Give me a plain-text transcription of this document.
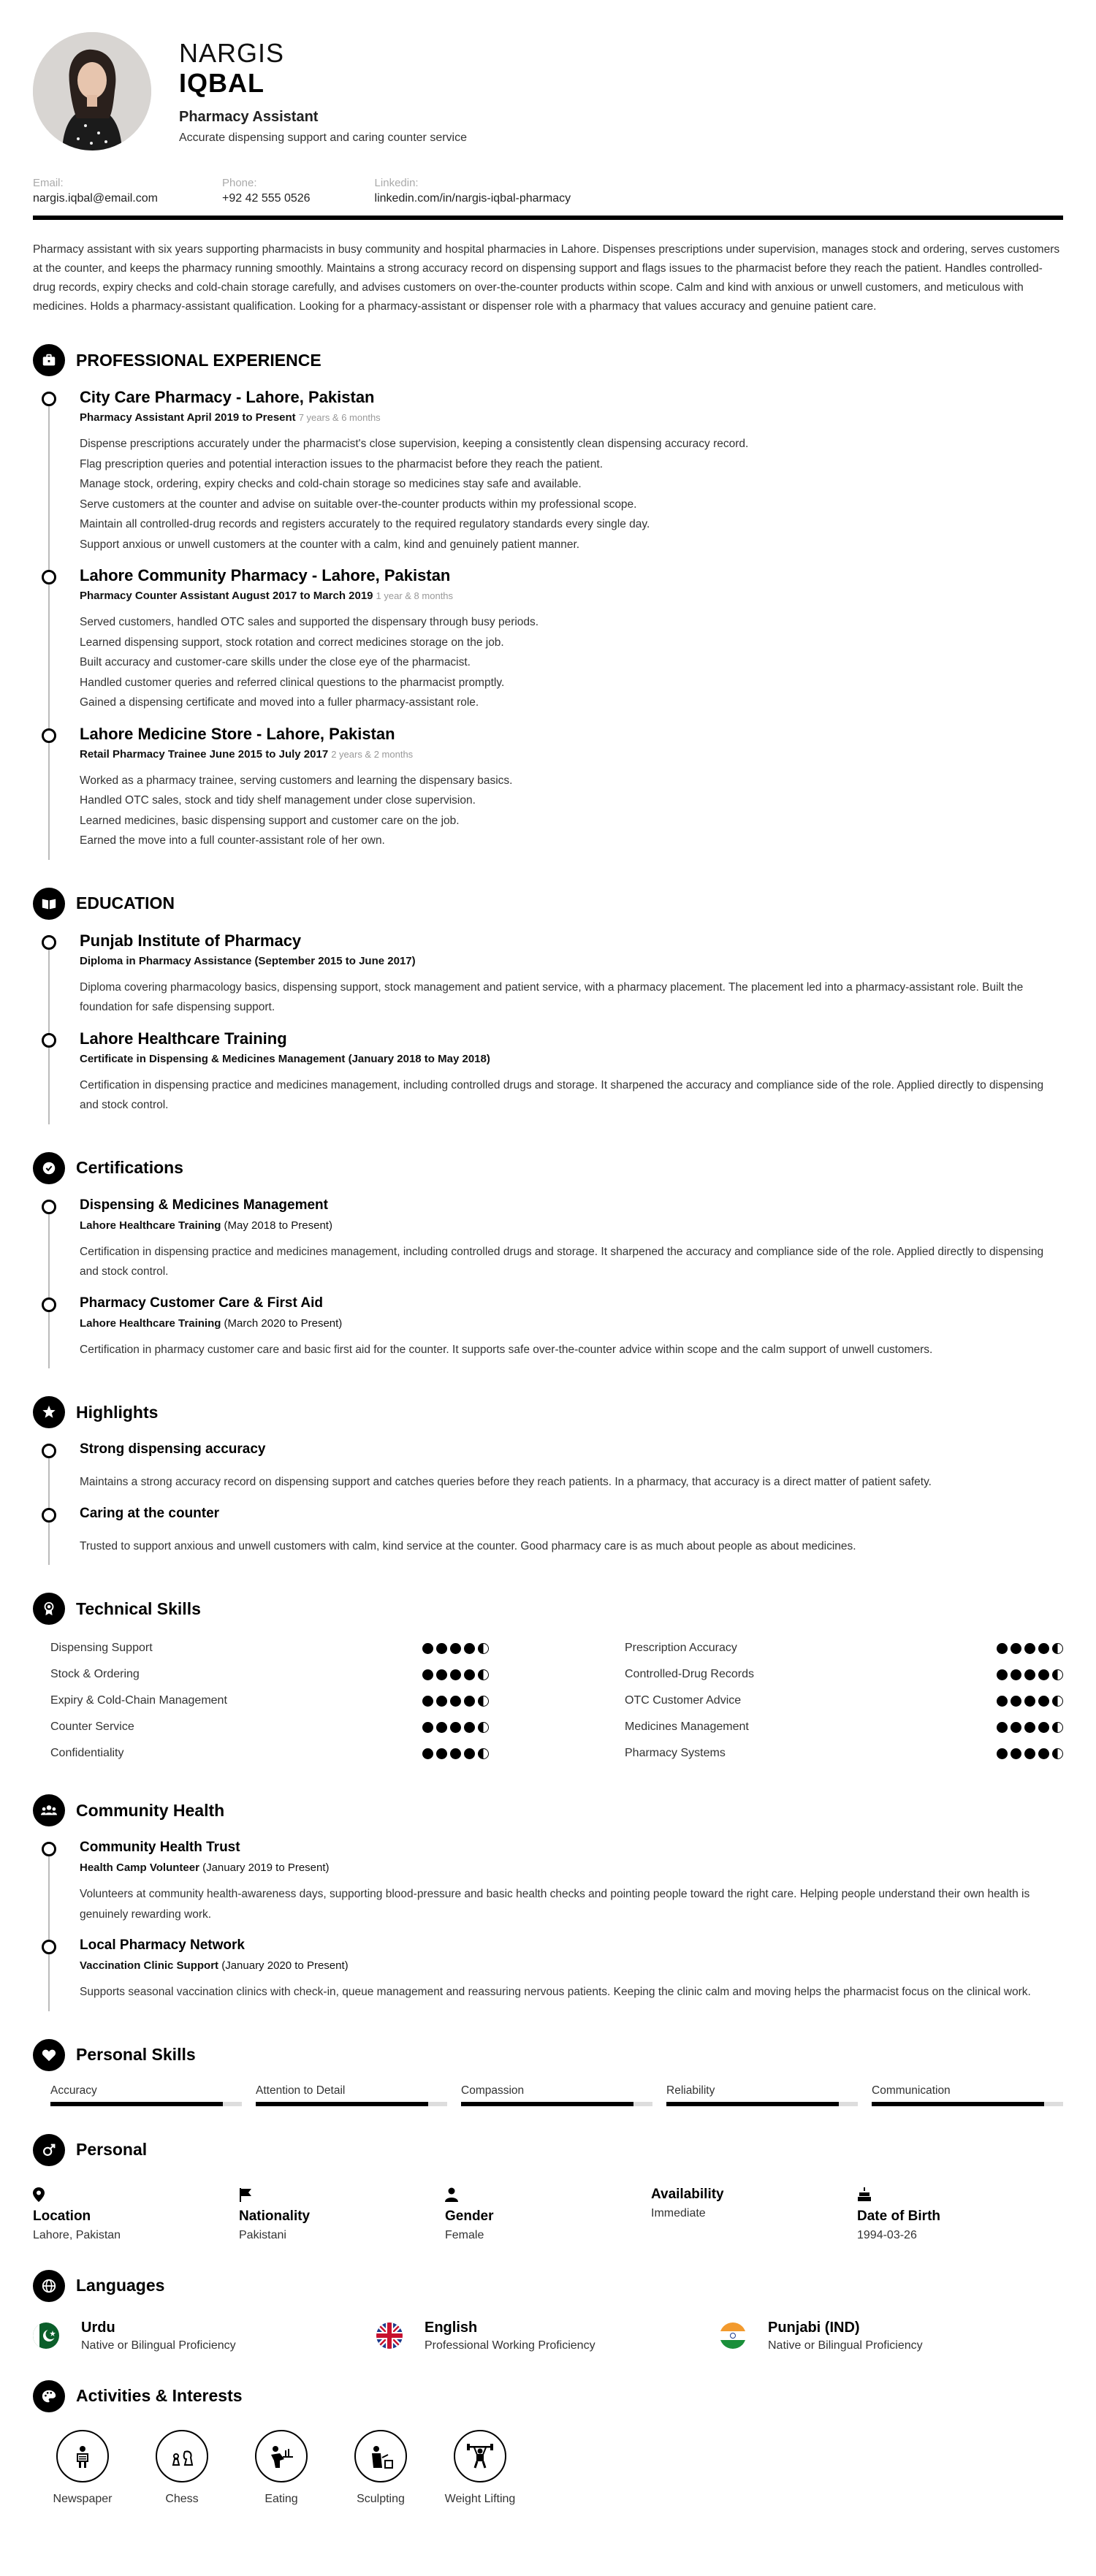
NARGIS
IQBAL
Pharmacy Assistant
Accurate dispensing support and caring counter service
Email:
nargis.iqbal@email.com
Phone:
+92 42 555 0526
Linkedin:
linkedin.com/in/nargis-iqbal-pharmacy

Pharmacy assistant with six years supporting pharmacists in busy community and hospital pharmacies in Lahore. Dispenses prescriptions under supervision, manages stock and ordering, serves customers at the counter, and keeps the pharmacy running smoothly. Maintains a strong accuracy record on dispensing support and flags issues to the pharmacist before they reach the patient. Handles controlled-drug records, expiry checks and cold-chain storage carefully, and advises customers on over-the-counter products within scope. Calm and kind with anxious or unwell customers, and meticulous with medicines. Holds a pharmacy-assistant qualification. Looking for a pharmacy-assistant or dispenser role with a pharmacy that values accuracy and genuine patient care.

PROFESSIONAL EXPERIENCE
City Care Pharmacy - Lahore, Pakistan
Pharmacy Assistant April 2019 to Present 7 years & 6 months
Dispense prescriptions accurately under the pharmacist's close supervision, keeping a consistently clean dispensing accuracy record.
Flag prescription queries and potential interaction issues to the pharmacist before they reach the patient.
Manage stock, ordering, expiry checks and cold-chain storage so medicines stay safe and available.
Serve customers at the counter and advise on suitable over-the-counter products within my professional scope.
Maintain all controlled-drug records and registers accurately to the required regulatory standards every single day.
Support anxious or unwell customers at the counter with a calm, kind and genuinely patient manner.
Lahore Community Pharmacy - Lahore, Pakistan
Pharmacy Counter Assistant August 2017 to March 2019 1 year & 8 months
Served customers, handled OTC sales and supported the dispensary through busy periods.
Learned dispensing support, stock rotation and correct medicines storage on the job.
Built accuracy and customer-care skills under the close eye of the pharmacist.
Handled customer queries and referred clinical questions to the pharmacist promptly.
Gained a dispensing certificate and moved into a fuller pharmacy-assistant role.
Lahore Medicine Store - Lahore, Pakistan
Retail Pharmacy Trainee June 2015 to July 2017 2 years & 2 months
Worked as a pharmacy trainee, serving customers and learning the dispensary basics.
Handled OTC sales, stock and tidy shelf management under close supervision.
Learned medicines, basic dispensing support and customer care on the job.
Earned the move into a full counter-assistant role of her own.
EDUCATION
Punjab Institute of Pharmacy
Diploma in Pharmacy Assistance (September 2015 to June 2017)
Diploma covering pharmacology basics, dispensing support, stock management and patient service, with a pharmacy placement. The placement led into a pharmacy-assistant role. Built the foundation for safe dispensing support.
Lahore Healthcare Training
Certificate in Dispensing & Medicines Management (January 2018 to May 2018)
Certification in dispensing practice and medicines management, including controlled drugs and storage. It sharpened the accuracy and compliance side of the role. Applied directly to dispensing and stock control.
Certifications
Dispensing & Medicines Management
Lahore Healthcare Training (May 2018 to Present)
Certification in dispensing practice and medicines management, including controlled drugs and storage. It sharpened the accuracy and compliance side of the role. Applied directly to dispensing and stock control.
Pharmacy Customer Care & First Aid
Lahore Healthcare Training (March 2020 to Present)
Certification in pharmacy customer care and basic first aid for the counter. It supports safe over-the-counter advice within scope and the calm support of unwell customers.
Highlights
Strong dispensing accuracy
Maintains a strong accuracy record on dispensing support and catches queries before they reach patients. In a pharmacy, that accuracy is a direct matter of patient safety.
Caring at the counter
Trusted to support anxious and unwell customers with calm, kind service at the counter. Good pharmacy care is as much about people as about medicines.
Technical Skills
Dispensing Support
Stock & Ordering
Expiry & Cold-Chain Management
Counter Service
Confidentiality
Prescription Accuracy
Controlled-Drug Records
OTC Customer Advice
Medicines Management
Pharmacy Systems
Community Health
Community Health Trust
Health Camp Volunteer (January 2019 to Present)
Volunteers at community health-awareness days, supporting blood-pressure and basic health checks and pointing people toward the right care. Helping people understand their own health is genuinely rewarding work.
Local Pharmacy Network
Vaccination Clinic Support (January 2020 to Present)
Supports seasonal vaccination clinics with check-in, queue management and reassuring nervous patients. Keeping the clinic calm and moving helps the pharmacist focus on the clinical work.
Personal Skills
Accuracy	Attention to Detail	Compassion	Reliability	Communication
Personal
Location
Lahore, Pakistan
Nationality
Pakistani
Gender
Female
Availability
Immediate	Date of Birth
1994-03-26
Languages
Urdu
Native or Bilingual Proficiency
English
Professional Working Proficiency
Punjabi (IND)
Native or Bilingual Proficiency
Activities & Interests
Newspaper	Chess	Eating	Sculpting	Weight Lifting
